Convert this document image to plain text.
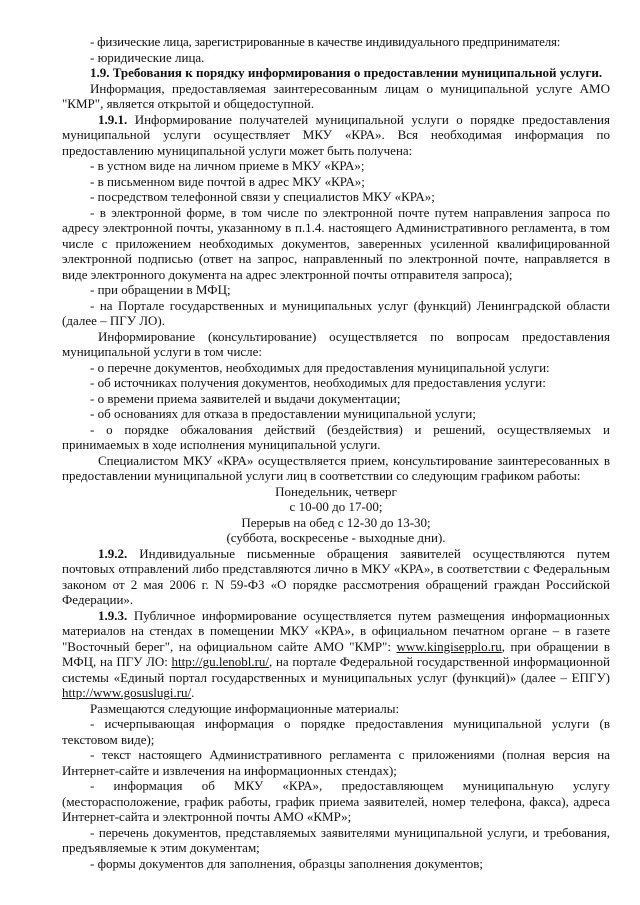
- физические лица, зарегистрированные в качестве индивидуального предпринимателя:

- юридические лица.

1.9. Требования к порядку информирования о предоставлении муниципальной услуги.

Информация, предоставляемая заинтересованным лицам о муниципальной услуге АМО "КМР", является открытой и общедоступной.

1.9.1. Информирование получателей муниципальной услуги о порядке предоставления муниципальной услуги осуществляет МКУ «КРА». Вся необходимая информация по предоставлению муниципальной услуги может быть получена:

- в устном виде на личном приеме в МКУ «КРА»;

- в письменном виде почтой в адрес МКУ «КРА»;

- посредством телефонной связи у специалистов МКУ «КРА»;

- в электронной форме, в том числе по электронной почте путем направления запроса по адресу электронной почты, указанному в п.1.4. настоящего Административного регламента, в том числе с приложением необходимых документов, заверенных усиленной квалифицированной электронной подписью (ответ на запрос, направленный по электронной почте, направляется в виде электронного документа на адрес электронной почты отправителя запроса);

- при обращении в МФЦ;

- на Портале государственных и муниципальных услуг (функций) Ленинградской области (далее – ПГУ ЛО).

Информирование (консультирование) осуществляется по вопросам предоставления муниципальной услуги в том числе:

- о перечне документов, необходимых для предоставления муниципальной услуги:

- об источниках получения документов, необходимых для предоставления услуги:

- о времени приема заявителей и выдачи документации;

- об основаниях для отказа в предоставлении муниципальной услуги;

- о порядке обжалования действий (бездействия) и решений, осуществляемых и принимаемых в ходе исполнения муниципальной услуги.

Специалистом МКУ «КРА» осуществляется прием, консультирование заинтересованных в предоставлении муниципальной услуги лиц в соответствии со следующим графиком работы:

Понедельник, четверг

с 10-00 до 17-00;

Перерыв на обед с 12-30 до 13-30;

(суббота, воскресенье - выходные дни).

1.9.2. Индивидуальные письменные обращения заявителей осуществляются путем почтовых отправлений либо представляются лично в МКУ «КРА», в соответствии с Федеральным законом от 2 мая 2006 г. N 59-ФЗ «О порядке рассмотрения обращений граждан Российской Федерации».

1.9.3. Публичное информирование осуществляется путем размещения информационных материалов на стендах в помещении МКУ «КРА», в официальном печатном органе – в газете "Восточный берег", на официальном сайте АМО "КМР": www.kingisepplo.ru, при обращении в МФЦ, на ПГУ ЛО: http://gu.lenobl.ru/, на портале Федеральной государственной информационной системы «Единый портал государственных и муниципальных услуг (функций)» (далее – ЕПГУ) http://www.gosuslugi.ru/.

Размещаются следующие информационные материалы:

- исчерпывающая информация о порядке предоставления муниципальной услуги (в текстовом виде);

- текст настоящего Административного регламента с приложениями (полная версия на Интернет-сайте и извлечения на информационных стендах);

- информация об МКУ «КРА», предоставляющем муниципальную услугу (месторасположение, график работы, график приема заявителей, номер телефона, факса), адреса Интернет-сайта и электронной почты АМО «КМР»;

- перечень документов, представляемых заявителями муниципальной услуги, и требования, предъявляемые к этим документам;

- формы документов для заполнения, образцы заполнения документов;
